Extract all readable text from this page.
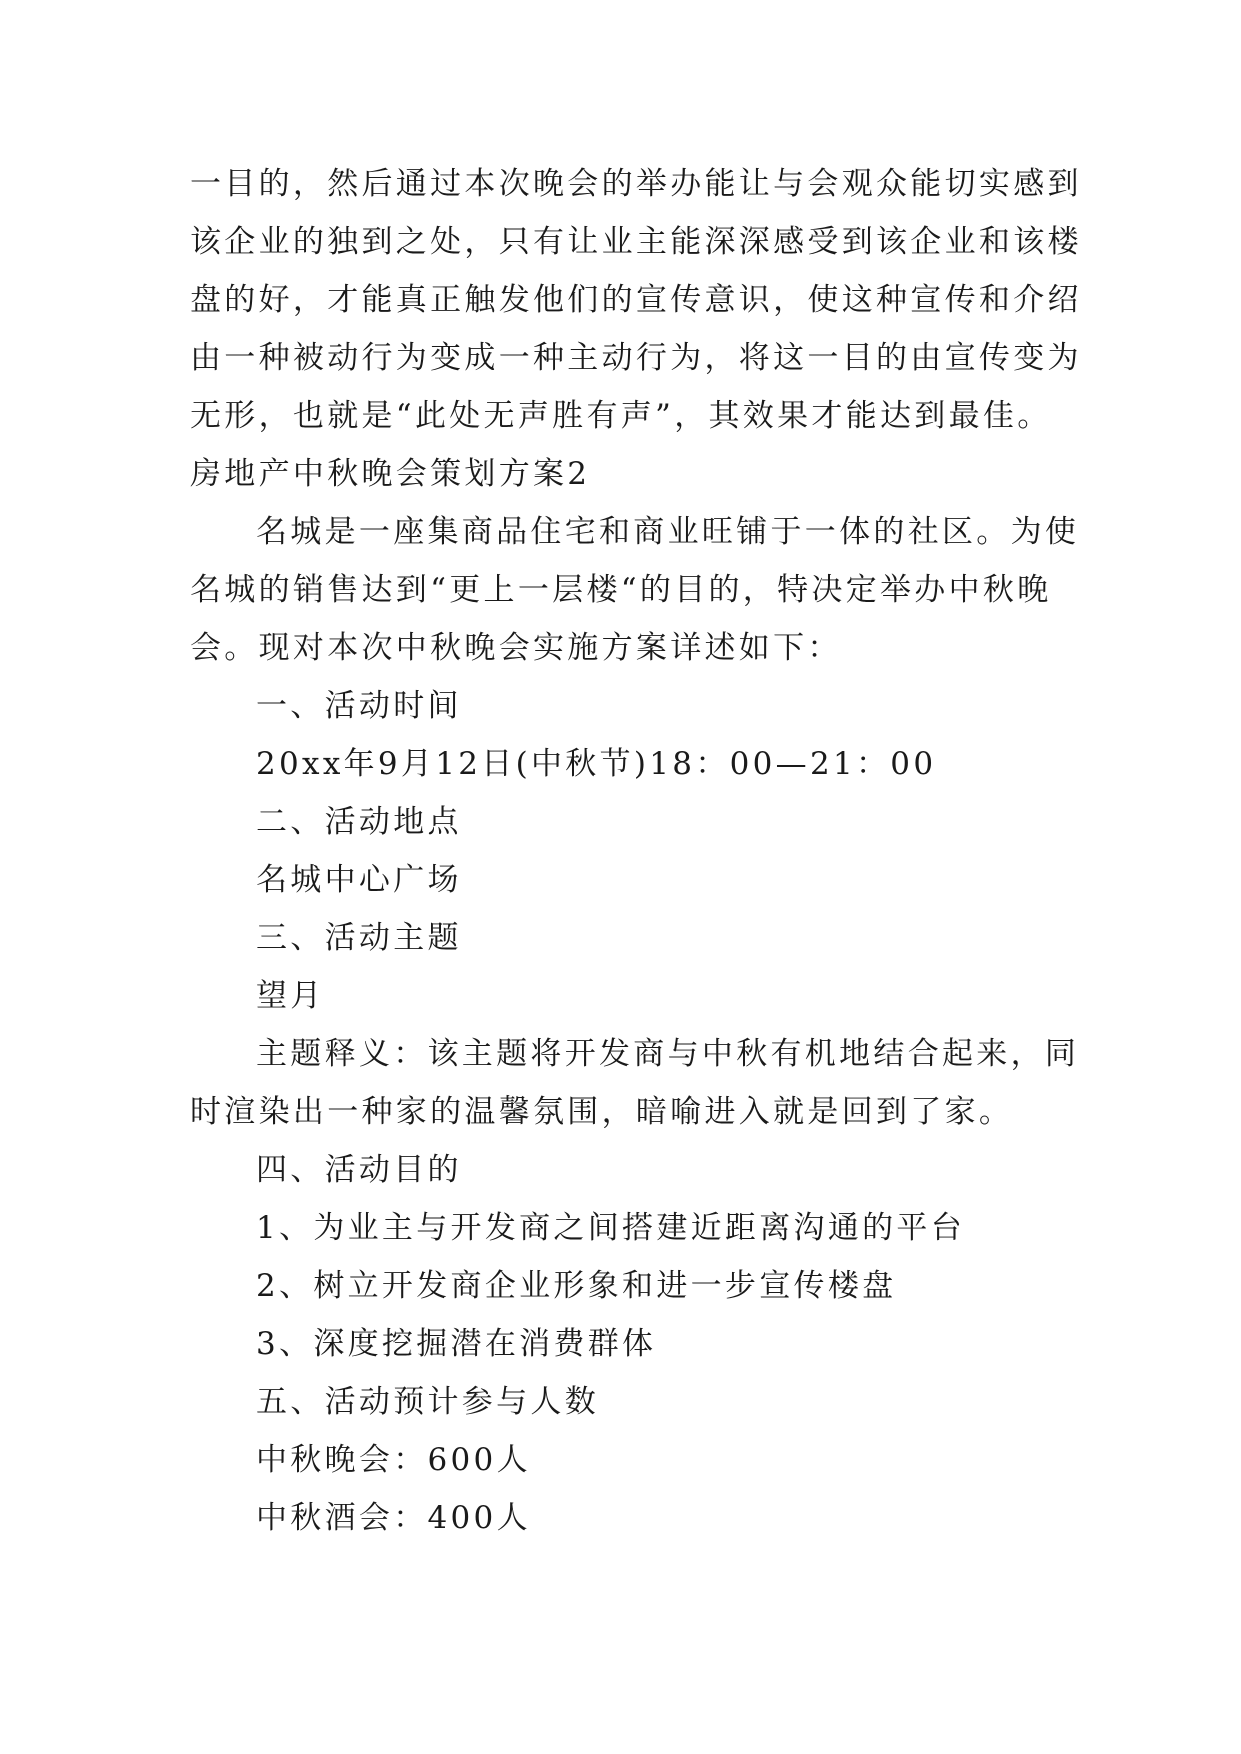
一目的，然后通过本次晚会的举办能让与会观众能切实感到
该企业的独到之处，只有让业主能深深感受到该企业和该楼
盘的好，才能真正触发他们的宣传意识，使这种宣传和介绍
由一种被动行为变成一种主动行为，将这一目的由宣传变为
无形，也就是“此处无声胜有声”，其效果才能达到最佳。
房地产中秋晚会策划方案2
名城是一座集商品住宅和商业旺铺于一体的社区。为使
名城的销售达到“更上一层楼“的目的，特决定举办中秋晚
会。现对本次中秋晚会实施方案详述如下：
一、活动时间
20xx年9月12日(中秋节)18：00—21：00
二、活动地点
名城中心广场
三、活动主题
望月
主题释义：该主题将开发商与中秋有机地结合起来，同
时渲染出一种家的温馨氛围，暗喻进入就是回到了家。
四、活动目的
1、为业主与开发商之间搭建近距离沟通的平台
2、树立开发商企业形象和进一步宣传楼盘
3、深度挖掘潜在消费群体
五、活动预计参与人数
中秋晚会：600人
中秋酒会：400人
